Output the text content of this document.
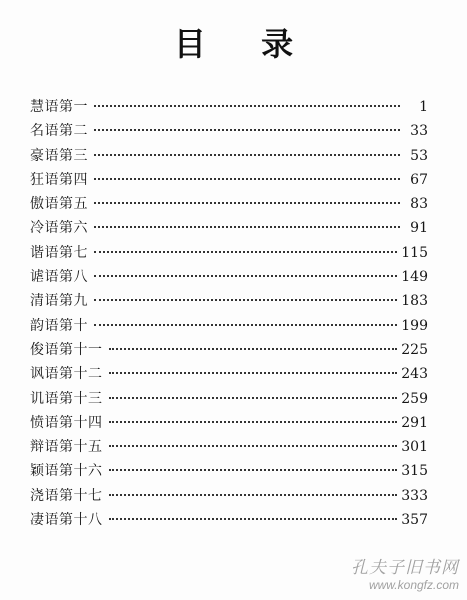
目 录
慧语第一	1
名语第二	33
豪语第三	53
狂语第四	67
傲语第五	83
冷语第六	91
谐语第七	115
谑语第八	149
清语第九	183
韵语第十	199
俊语第十一	225
讽语第十二	243
讥语第十三	259
愤语第十四	291
辩语第十五	301
颖语第十六	315
浇语第十七	333
凄语第十八	357
孔夫子旧书网
www.kongfz.com
